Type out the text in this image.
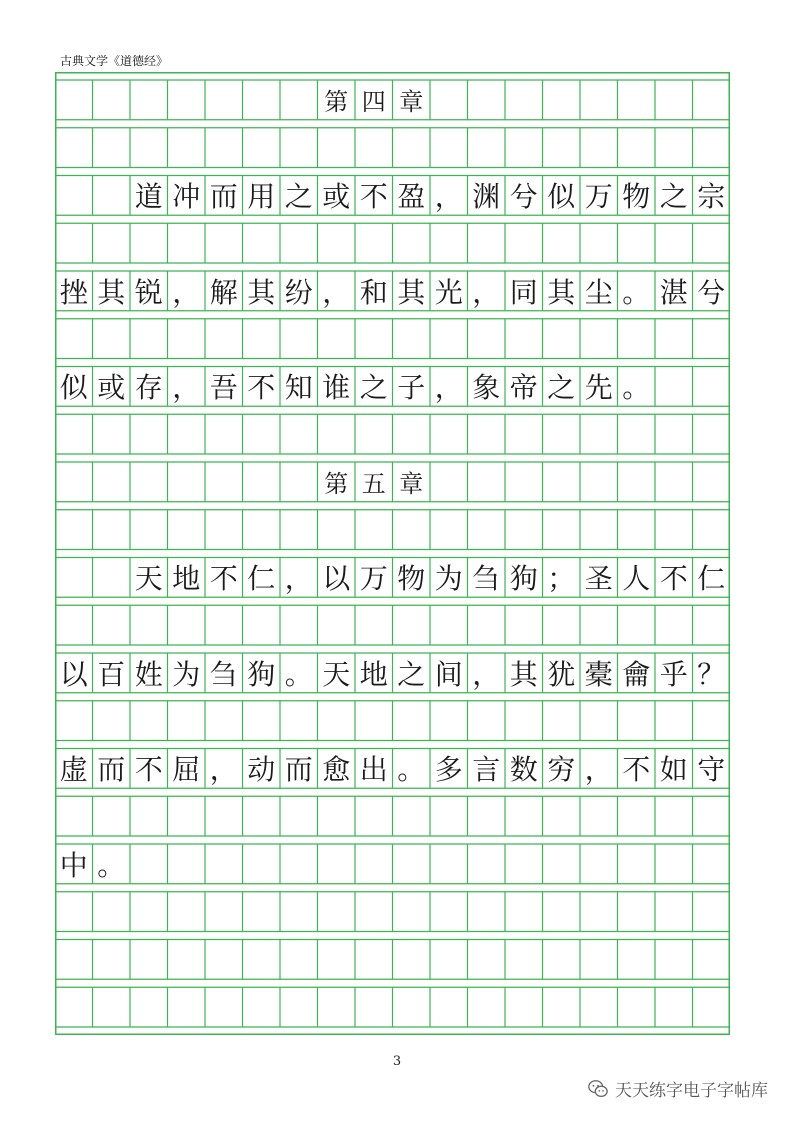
古典文学《道德经》
第 四 章
道 冲 而 用 之 或 不 盈 ， 渊 兮 似 万 物 之 宗
挫 其 锐 ， 解 其 纷 ， 和 其 光 ， 同 其 尘 。 湛 兮
似 或 存 ， 吾 不 知 谁 之 子 ， 象 帝 之 先 。
第 五 章
天 地 不 仁 ， 以 万 物 为 刍 狗 ； 圣 人 不 仁
以 百 姓 为 刍 狗 。 天 地 之 间 ， 其 犹 橐 龠 乎 ？
虚 而 不 屈 ， 动 而 愈 出 。 多 言 数 穷 ， 不 如 守
中 。
3
天天练字电子字帖库
